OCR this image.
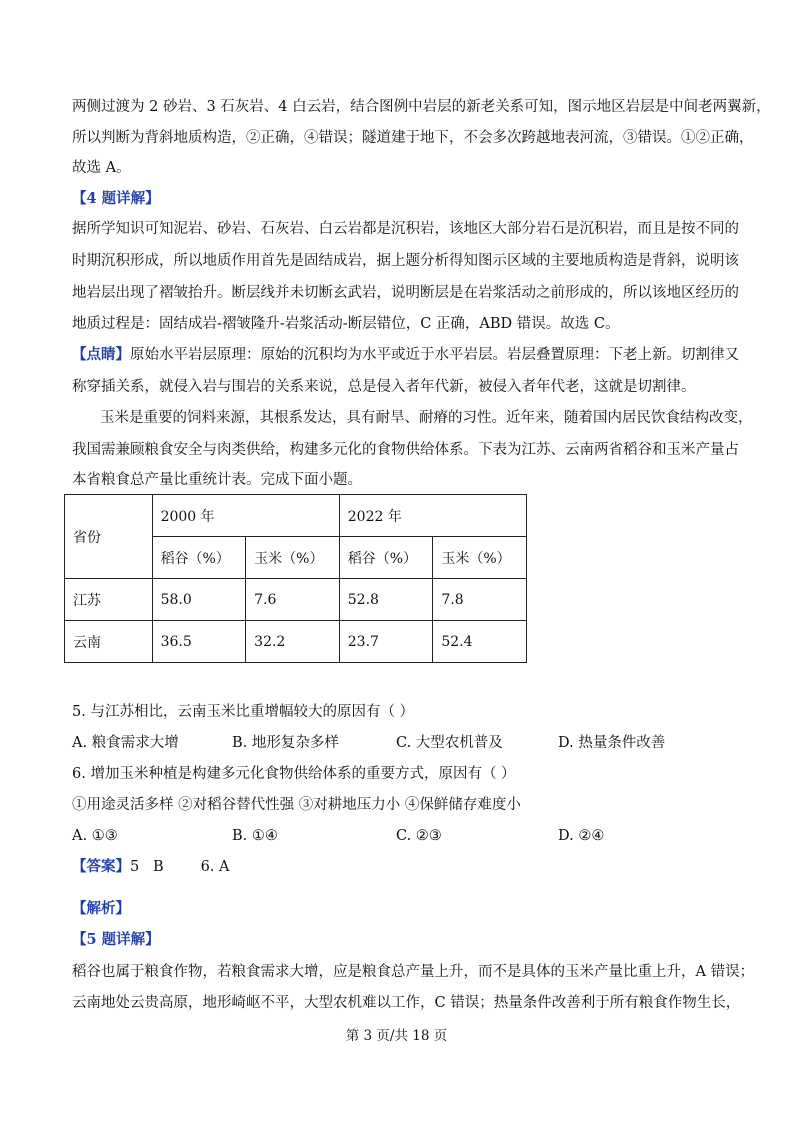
两侧过渡为 2 砂岩、3 石灰岩、4 白云岩，结合图例中岩层的新老关系可知，图示地区岩层是中间老两翼新，
所以判断为背斜地质构造，②正确，④错误；隧道建于地下，不会多次跨越地表河流，③错误。①②正确，
故选 A。
【4 题详解】
据所学知识可知泥岩、砂岩、石灰岩、白云岩都是沉积岩，该地区大部分岩石是沉积岩，而且是按不同的
时期沉积形成，所以地质作用首先是固结成岩，据上题分析得知图示区域的主要地质构造是背斜，说明该
地岩层出现了褶皱抬升。断层线并未切断玄武岩，说明断层是在岩浆活动之前形成的，所以该地区经历的
地质过程是：固结成岩-褶皱隆升-岩浆活动-断层错位，C 正确，ABD 错误。故选 C。
【点睛】原始水平岩层原理：原始的沉积均为水平或近于水平岩层。岩层叠置原理：下老上新。切割律又
称穿插关系，就侵入岩与围岩的关系来说，总是侵入者年代新，被侵入者年代老，这就是切割律。
玉米是重要的饲料来源，其根系发达，具有耐旱、耐瘠的习性。近年来，随着国内居民饮食结构改变，
我国需兼顾粮食安全与肉类供给，构建多元化的食物供给体系。下表为江苏、云南两省稻谷和玉米产量占
本省粮食总产量比重统计表。完成下面小题。
省份	2000 年		2022 年	
	稻谷（%）	玉米（%）	稻谷（%）	玉米（%）
江苏	58.0	7.6	52.8	7.8
云南	36.5	32.2	23.7	52.4
5. 与江苏相比，云南玉米比重增幅较大的原因有（ ）
A. 粮食需求大增	B. 地形复杂多样	C. 大型农机普及	D. 热量条件改善
6. 增加玉米种植是构建多元化食物供给体系的重要方式，原因有（ ）
①用途灵活多样 ②对稻谷替代性强 ③对耕地压力小 ④保鲜储存难度小
A. ①③	B. ①④	C. ②③	D. ②④
【答案】5   B        6. A
【解析】
【5 题详解】
稻谷也属于粮食作物，若粮食需求大增，应是粮食总产量上升，而不是具体的玉米产量比重上升，A 错误；
云南地处云贵高原，地形崎岖不平，大型农机难以工作，C 错误；热量条件改善利于所有粮食作物生长，
第 3 页/共 18 页
